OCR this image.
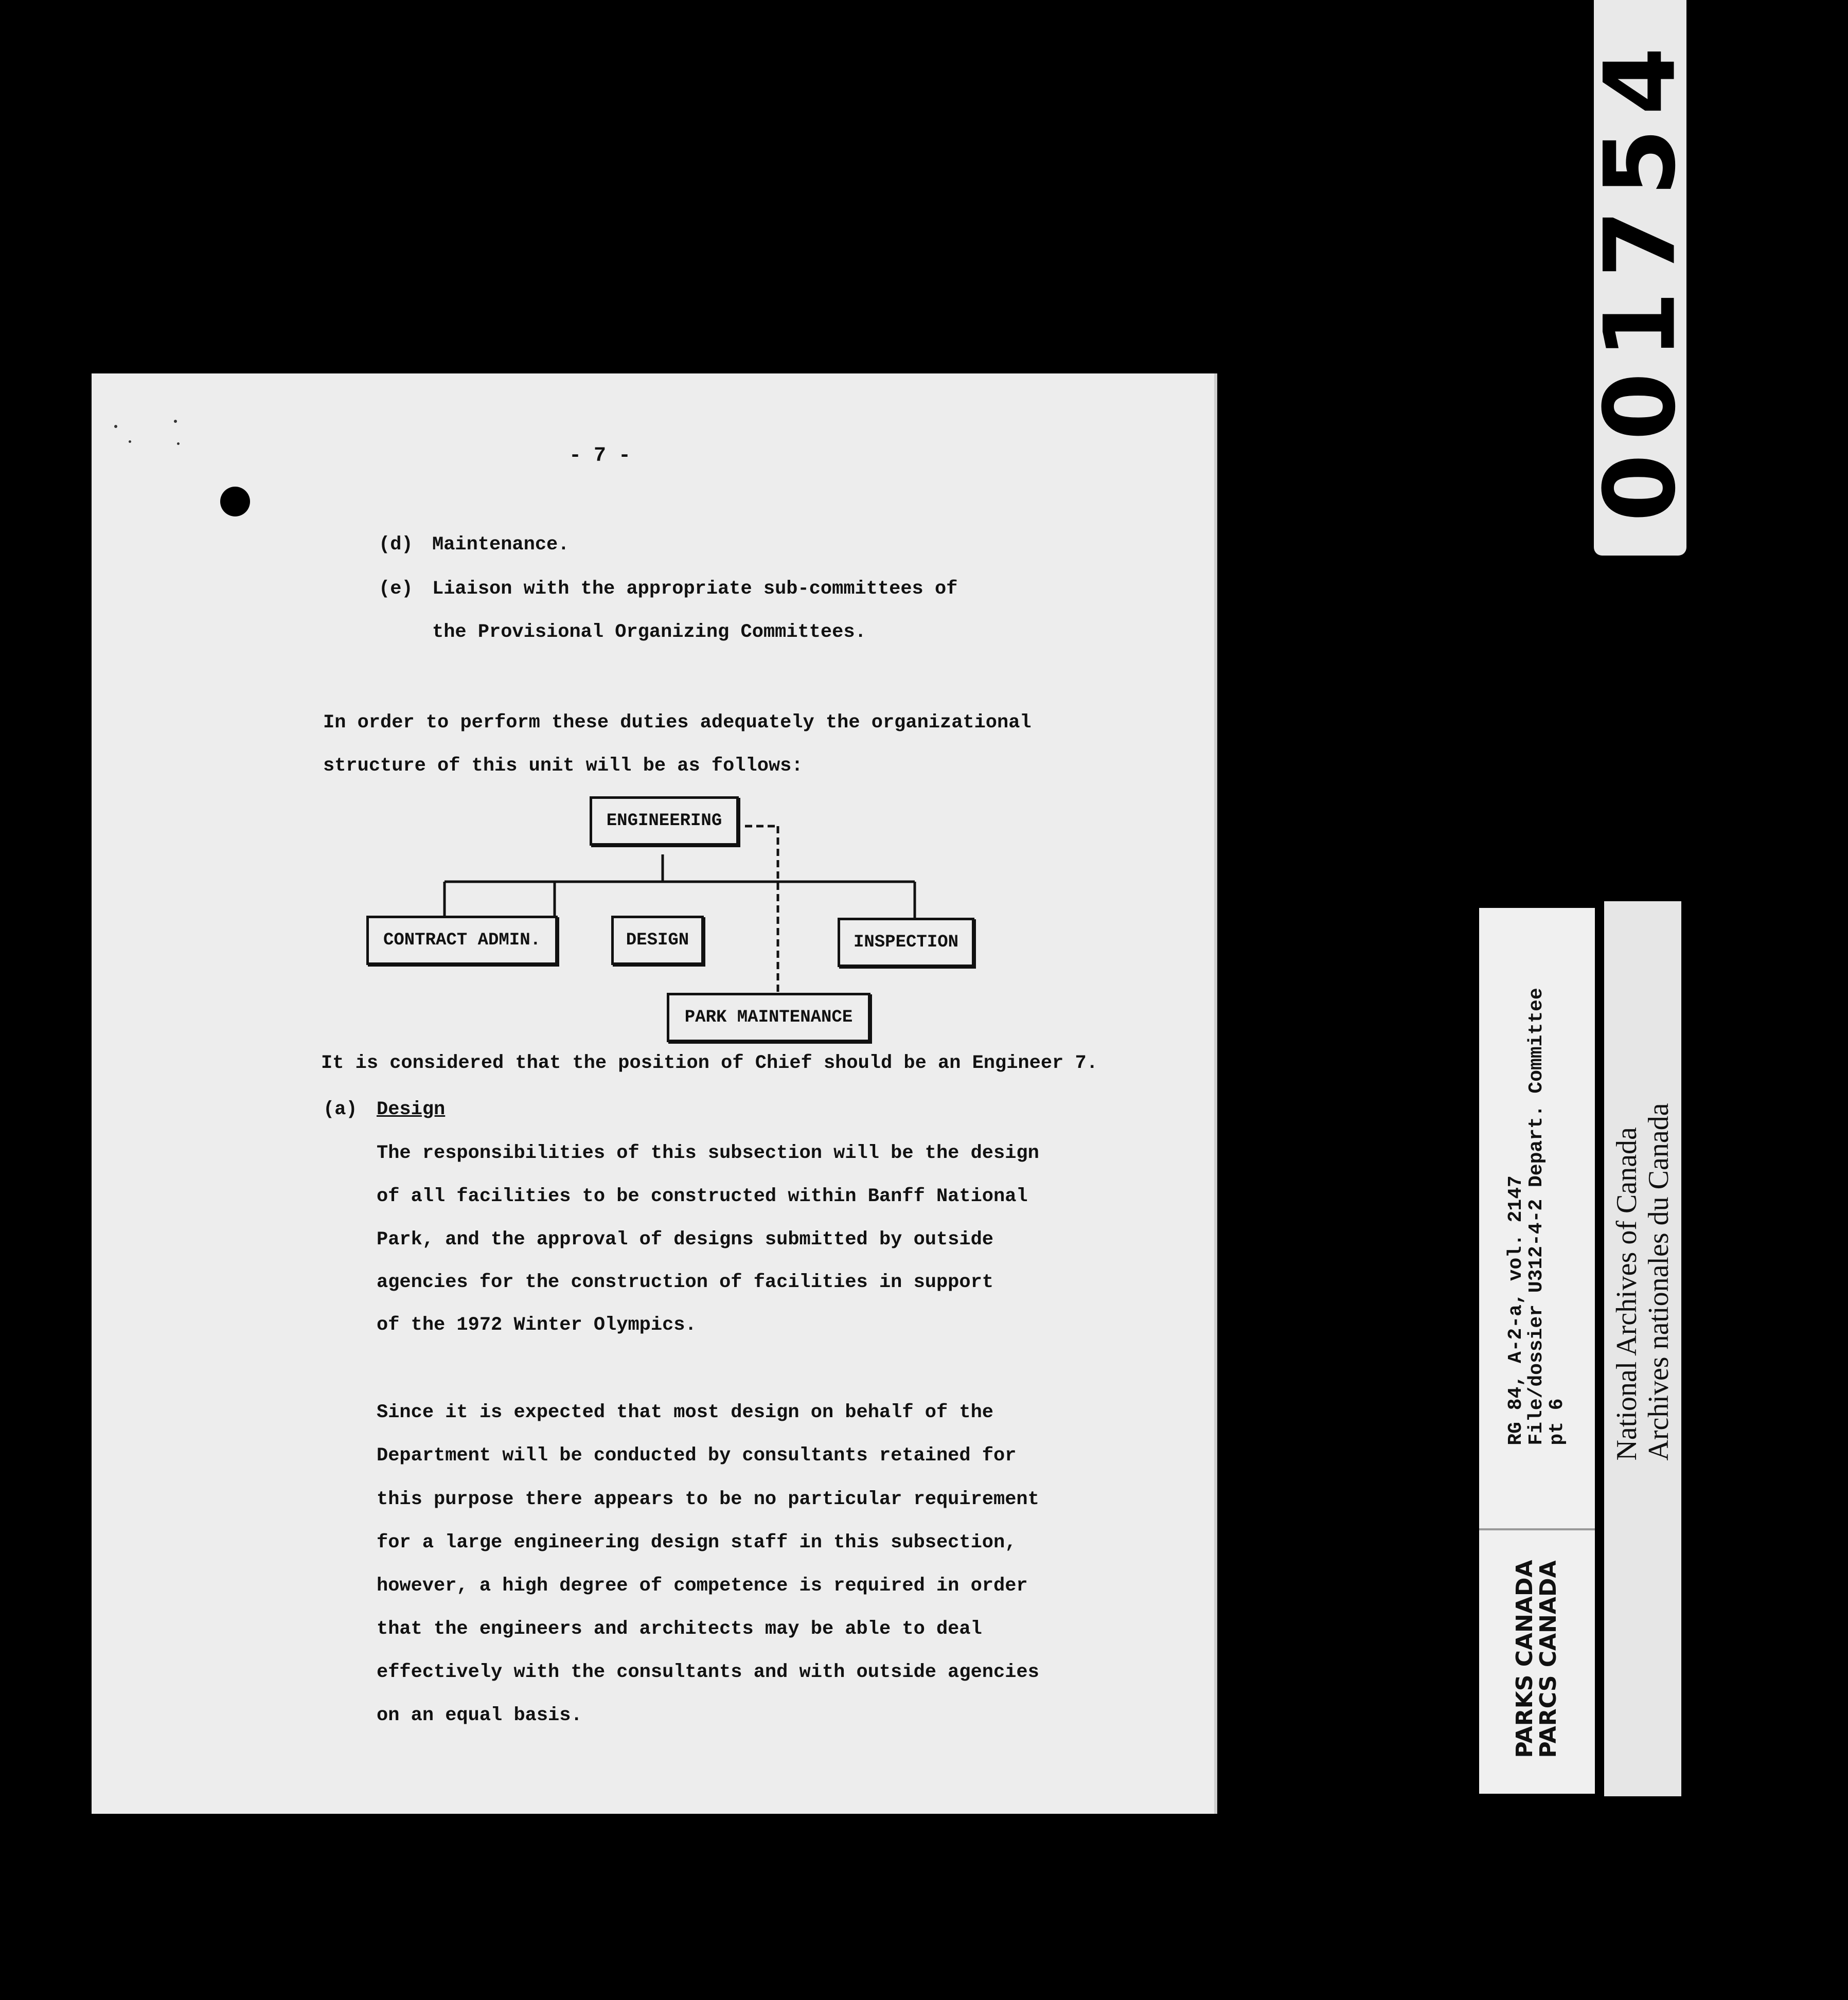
- 7 -
(d) Maintenance.
(e) Liaison with the appropriate sub-committees of
the Provisional Organizing Committees.
In order to perform these duties adequately the organizational
structure of this unit will be as follows:
ENGINEERING
CONTRACT ADMIN.	DESIGN	INSPECTION
PARK MAINTENANCE
It is considered that the position of Chief should be an Engineer 7.
(a) Design
The responsibilities of this subsection will be the design
of all facilities to be constructed within Banff National
Park, and the approval of designs submitted by outside
agencies for the construction of facilities in support
of the 1972 Winter Olympics.
Since it is expected that most design on behalf of the
Department will be conducted by consultants retained for
this purpose there appears to be no particular requirement
for a large engineering design staff in this subsection,
however, a high degree of competence is required in order
that the engineers and architects may be able to deal
effectively with the consultants and with outside agencies
on an equal basis.
001754
RG 84, A-2-a, vol. 2147
File/dossier U312-4-2 Depart. Committee
pt 6
PARKS CANADA
PARCS CANADA
National Archives of Canada Archives nationales du Canada
